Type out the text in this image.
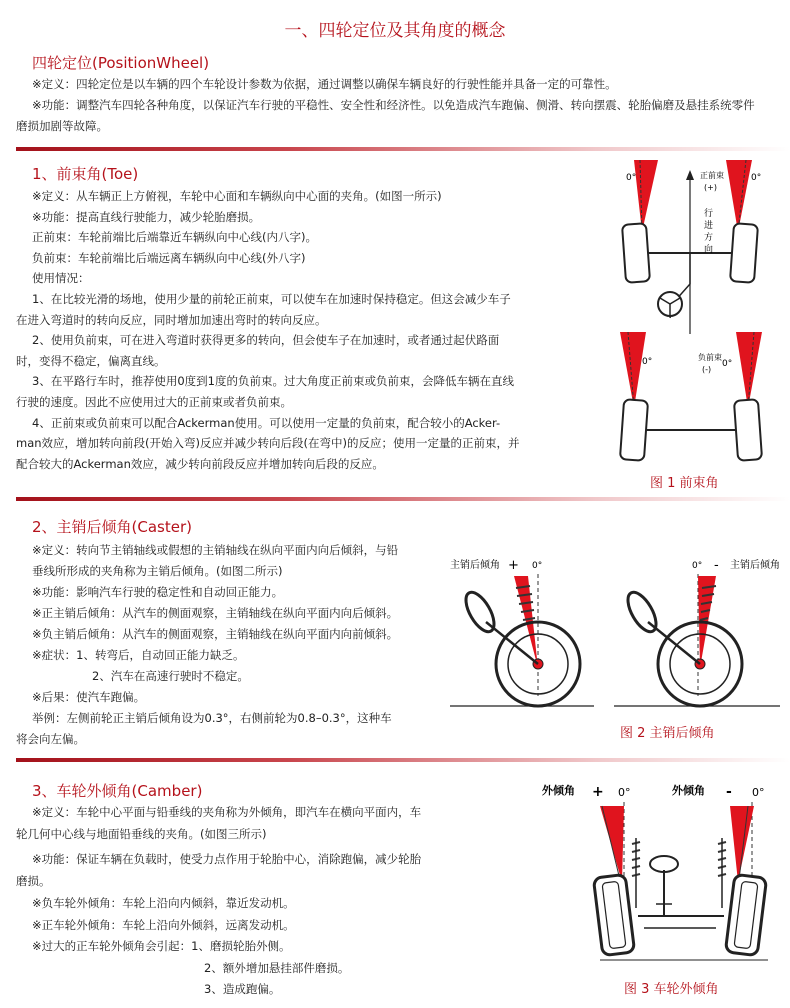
一、四轮定位及其角度的概念
四轮定位(PositionWheel)
※定义：四轮定位是以车辆的四个车轮设计参数为依据，通过调整以确保车辆良好的行驶性能并具备一定的可靠性。
※功能：调整汽车四轮各种角度，以保证汽车行驶的平稳性、安全性和经济性。以免造成汽车跑偏、侧滑、转向摆震、轮胎偏磨及悬挂系统零件
磨损加剧等故障。
1、前束角(Toe)
※定义：从车辆正上方俯视，车轮中心面和车辆纵向中心面的夹角。(如图一所示)
※功能：提高直线行驶能力，减少轮胎磨损。
正前束：车轮前端比后端靠近车辆纵向中心线(内八字)。
负前束：车轮前端比后端远离车辆纵向中心线(外八字)
使用情况：
1、在比较光滑的场地，使用少量的前轮正前束，可以使车在加速时保持稳定。但这会减少车子
在进入弯道时的转向反应，同时增加加速出弯时的转向反应。
2、使用负前束，可在进入弯道时获得更多的转向，但会使车子在加速时，或者通过起伏路面
时，变得不稳定，偏离直线。
3、在平路行车时，推荐使用0度到1度的负前束。过大角度正前束或负前束，会降低车辆在直线
行驶的速度。因此不应使用过大的正前束或者负前束。
4、正前束或负前束可以配合Ackerman使用。可以使用一定量的负前束，配合较小的Acker-
man效应，增加转向前段(开始入弯)反应并减少转向后段(在弯中)的反应；使用一定量的正前束，并
配合较大的Ackerman效应，减少转向前段反应并增加转向后段的反应。
0°	0°
正前束
(+)
行
进
方
向
0°	0°
负前束
(-)
图 1 前束角
2、主销后倾角(Caster)
※定义：转向节主销轴线或假想的主销轴线在纵向平面内向后倾斜，与铅
垂线所形成的夹角称为主销后倾角。(如图二所示)
※功能：影响汽车行驶的稳定性和自动回正能力。
※正主销后倾角：从汽车的侧面观察，主销轴线在纵向平面内向后倾斜。
※负主销后倾角：从汽车的侧面观察，主销轴线在纵向平面内向前倾斜。
※症状：1、转弯后，自动回正能力缺乏。
2、汽车在高速行驶时不稳定。
※后果：使汽车跑偏。
举例：左侧前轮正主销后倾角设为0.3°，右侧前轮为0.8–0.3°，这种车
将会向左偏。
主销后倾角 + 0°	0° - 主销后倾角
图 2 主销后倾角
3、车轮外倾角(Camber)
※定义：车轮中心平面与铅垂线的夹角称为外倾角，即汽车在横向平面内，车
轮几何中心线与地面铅垂线的夹角。(如图三所示)
※功能：保证车辆在负载时，使受力点作用于轮胎中心，消除跑偏，减少轮胎
磨损。
※负车轮外倾角：车轮上沿向内倾斜，靠近发动机。
※正车轮外倾角：车轮上沿向外倾斜，远离发动机。
※过大的正车轮外倾角会引起：1、磨损轮胎外侧。
2、额外增加悬挂部件磨损。
3、造成跑偏。
外倾角 + 0°	外倾角 - 0°
图 3 车轮外倾角
